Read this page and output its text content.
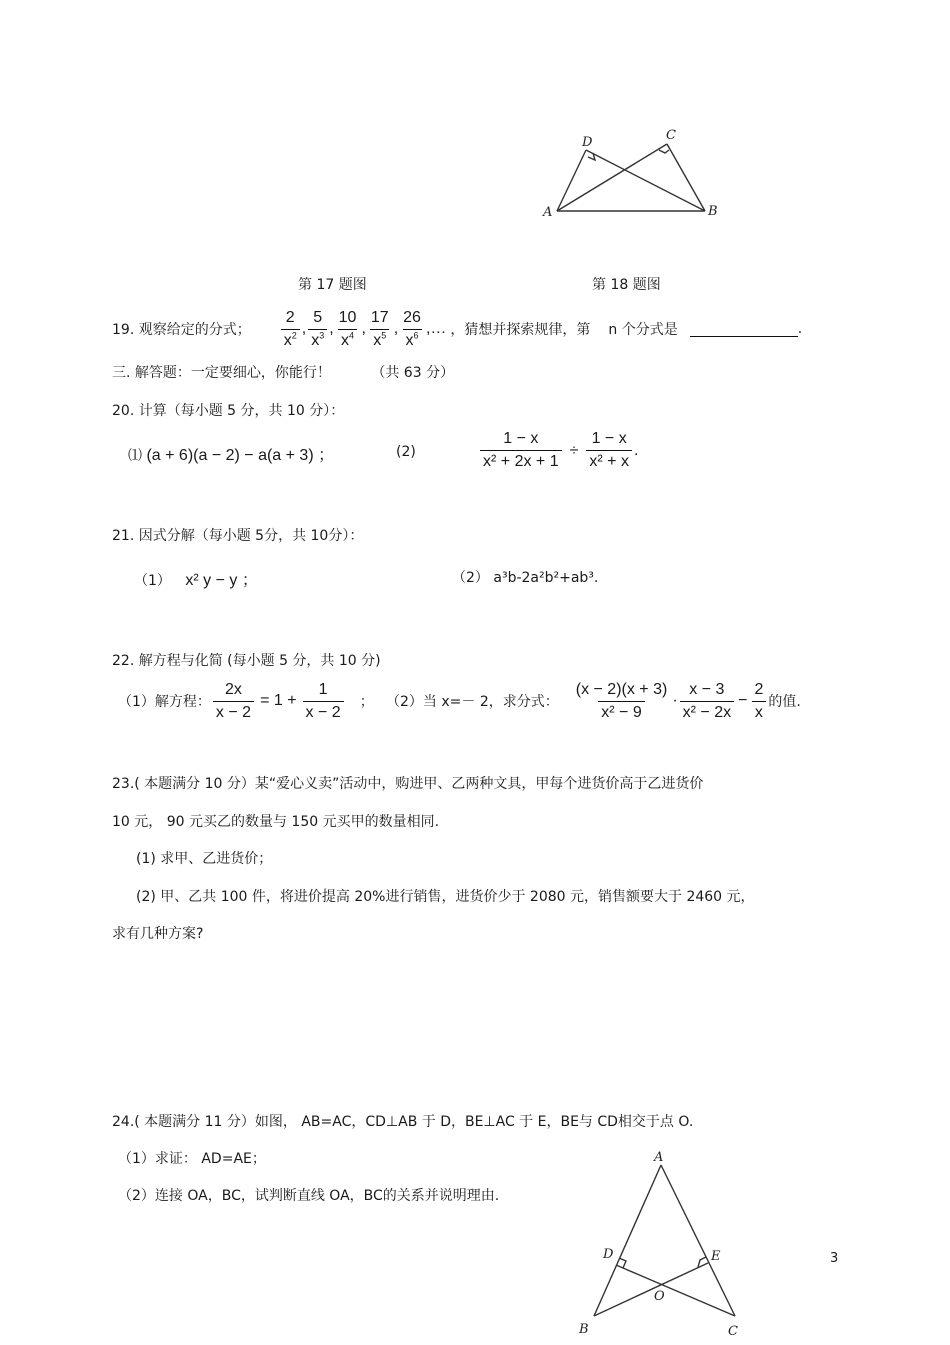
A	B
C
D
第 17 题图	第 18 题图
19. 观察给定的分式； $\frac{2}{x^2}$ , $\frac{5}{x^3}$ , $\frac{10}{x^4}$ , $\frac{17}{x^5}$ , $\frac{26}{x^6}$ , … ，猜想并探索规律，第 n 个分式是	.
三. 解答题：一定要细心，你能行！	（共 63 分）
20. 计算（每小题 5 分，共 10 分）：
⑴ (a + 6)(a − 2) − a(a + 3) ；	(2)	$\frac{1 - x}{\text{x² + 2x + 1}} \div \frac{1 - x}{\text{x² + x}}$ .
21. 因式分解（每小题 5分，共 10分）：
（1） x² y − y ；	（2） a³b-2a²b²+ab³.
22. 解方程与化简 (每小题 5 分，共 10 分)
（1）解方程： $\frac{2x}{x - 2} = 1 + \frac{1}{x - 2}$ ； （2）当 x=－ 2，求分式： $\frac{(x - 2)(x + 3)}{\text{x² − 9}} \cdot \frac{x - 3}{\text{x² − 2x}} - \frac{2}{x}$ 的值.
23.( 本题满分 10 分）某“爱心义卖”活动中，购进甲、乙两种文具，甲每个进货价高于乙进货价
10 元， 90 元买乙的数量与 150 元买甲的数量相同.
(1) 求甲、乙进货价；
(2) 甲、乙共 100 件，将进价提高 20%进行销售，进货价少于 2080 元，销售额要大于 2460 元，
求有几种方案?
24.( 本题满分 11 分）如图， AB=AC，CD⊥AB 于 D，BE⊥AC 于 E，BE与 CD相交于点 O.
（1）求证： AD=AE；
（2）连接 OA，BC，试判断直线 OA，BC的关系并说明理由.
A
D	E
O
B	C
3
